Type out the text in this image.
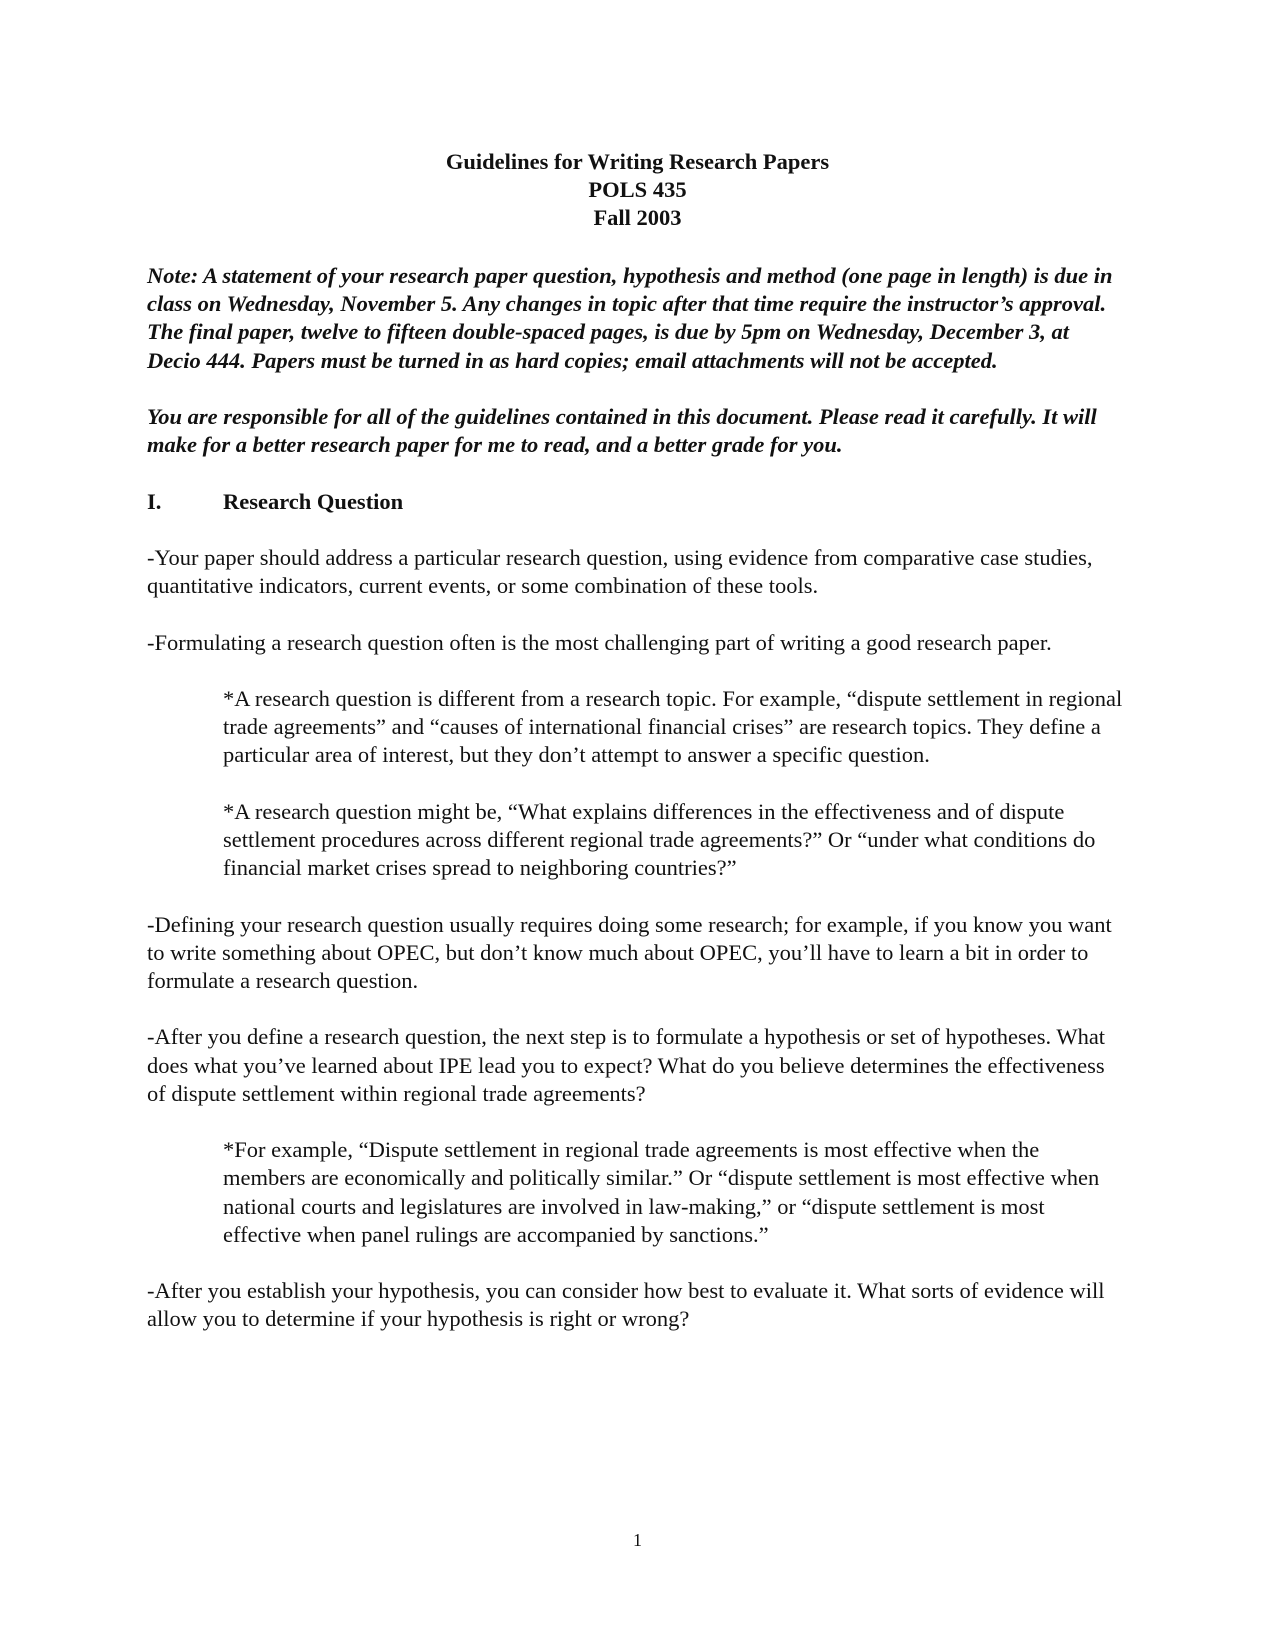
Guidelines for Writing Research Papers
POLS 435
Fall 2003

Note: A statement of your research paper question, hypothesis and method (one page in length) is due in class on Wednesday, November 5. Any changes in topic after that time require the instructor’s approval. The final paper, twelve to fifteen double-spaced pages, is due by 5pm on Wednesday, December 3, at Decio 444. Papers must be turned in as hard copies; email attachments will not be accepted.

You are responsible for all of the guidelines contained in this document. Please read it carefully. It will make for a better research paper for me to read, and a better grade for you.

I.	Research Question

-Your paper should address a particular research question, using evidence from comparative case studies, quantitative indicators, current events, or some combination of these tools.

-Formulating a research question often is the most challenging part of writing a good research paper.

*A research question is different from a research topic. For example, “dispute settlement in regional trade agreements” and “causes of international financial crises” are research topics. They define a particular area of interest, but they don’t attempt to answer a specific question.

*A research question might be, “What explains differences in the effectiveness and of dispute settlement procedures across different regional trade agreements?” Or “under what conditions do financial market crises spread to neighboring countries?”

-Defining your research question usually requires doing some research; for example, if you know you want to write something about OPEC, but don’t know much about OPEC, you’ll have to learn a bit in order to formulate a research question.

-After you define a research question, the next step is to formulate a hypothesis or set of hypotheses. What does what you’ve learned about IPE lead you to expect? What do you believe determines the effectiveness of dispute settlement within regional trade agreements?

*For example, “Dispute settlement in regional trade agreements is most effective when the members are economically and politically similar.” Or “dispute settlement is most effective when national courts and legislatures are involved in law-making,” or “dispute settlement is most effective when panel rulings are accompanied by sanctions.”

-After you establish your hypothesis, you can consider how best to evaluate it. What sorts of evidence will allow you to determine if your hypothesis is right or wrong?

1
